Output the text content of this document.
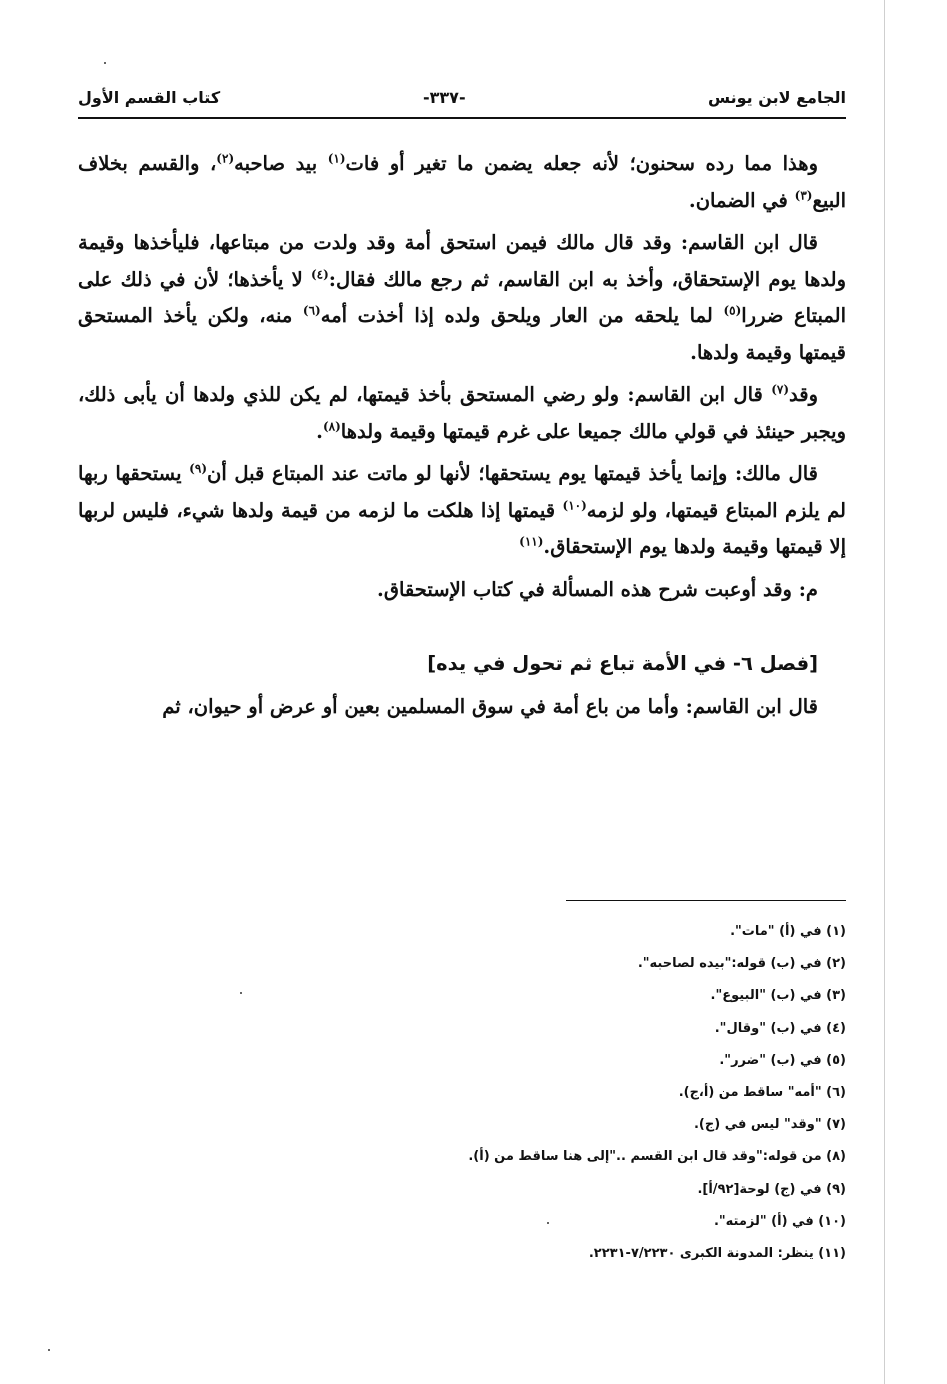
الجامع لابن يونس
-٣٣٧-
كتاب القسم الأول

وهذا مما رده سحنون؛ لأنه جعله يضمن ما تغير أو فات$^{(١)}$ بيد صاحبه$^{(٢)}$، والقسم بخلاف البيع$^{(٣)}$ في الضمان.

قال ابن القاسم: وقد قال مالك فيمن استحق أمة وقد ولدت من مبتاعها، فليأخذها وقيمة ولدها يوم الإستحقاق، وأخذ به ابن القاسم، ثم رجع مالك فقال:$^{(٤)}$ لا يأخذها؛ لأن في ذلك على المبتاع ضررا$^{(٥)}$ لما يلحقه من العار ويلحق ولده إذا أخذت أمه$^{(٦)}$ منه، ولكن يأخذ المستحق قيمتها وقيمة ولدها.

وقد$^{(٧)}$ قال ابن القاسم: ولو رضي المستحق بأخذ قيمتها، لم يكن للذي ولدها أن يأبى ذلك، ويجبر حينئذ في قولي مالك جميعا على غرم قيمتها وقيمة ولدها$^{(٨)}$.

قال مالك: وإنما يأخذ قيمتها يوم يستحقها؛ لأنها لو ماتت عند المبتاع قبل أن$^{(٩)}$ يستحقها ربها لم يلزم المبتاع قيمتها، ولو لزمه$^{(١٠)}$ قيمتها إذا هلكت ما لزمه من قيمة ولدها شيء، فليس لربها إلا قيمتها وقيمة ولدها يوم الإستحقاق.$^{(١١)}$

م: وقد أوعبت شرح هذه المسألة في كتاب الإستحقاق.

[فصل ٦- في الأمة تباع ثم تحول في يده]

قال ابن القاسم: وأما من باع أمة في سوق المسلمين بعين أو عرض أو حيوان، ثم

(١) في (أ) "مات".
(٢) في (ب) قوله:"بيده لصاحبه".
(٣) في (ب) "البيوع".
(٤) في (ب) "وقال".
(٥) في (ب) "ضرر".
(٦) "أمه" ساقط من (أ،ج).
(٧) "وقد" ليس في (ج).
(٨) من قوله:"وقد قال ابن القسم .."إلى هنا ساقط من (أ).
(٩) في (ج) لوحة[٩٢/أ].
(١٠) في (أ) "لزمته".
(١١) ينظر: المدونة الكبرى ٧/٢٢٣٠-٢٢٣١.
